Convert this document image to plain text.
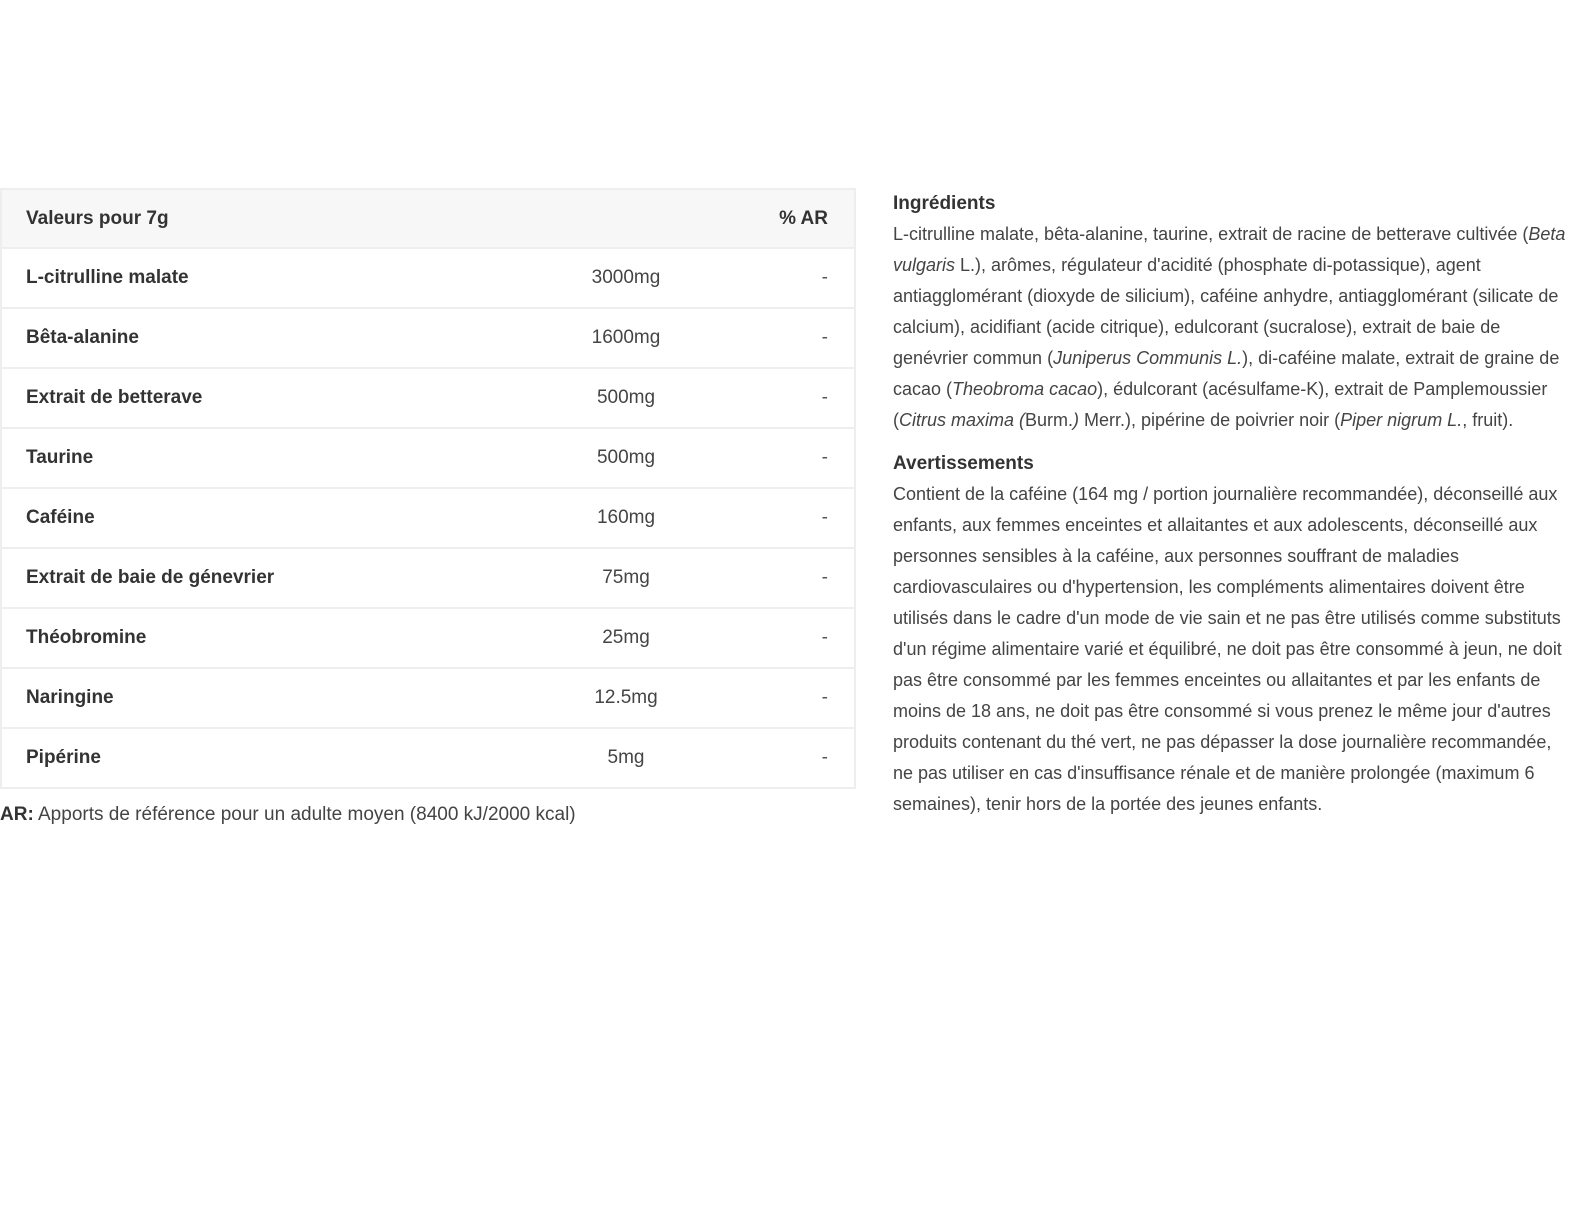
Valeurs pour 7g		% AR
L-citrulline malate	3000mg	-
Bêta-alanine	1600mg	-
Extrait de betterave	500mg	-
Taurine	500mg	-
Caféine	160mg	-
Extrait de baie de génevrier	75mg	-
Théobromine	25mg	-
Naringine	12.5mg	-
Pipérine	5mg	-
AR: Apports de référence pour un adulte moyen (8400 kJ/2000 kcal)
Ingrédients

L-citrulline malate, bêta-alanine, taurine, extrait de racine de betterave cultivée (Beta vulgaris L.), arômes, régulateur d'acidité (phosphate di-potassique), agent antiagglomérant (dioxyde de silicium), caféine anhydre, antiagglomérant (silicate de calcium), acidifiant (acide citrique), edulcorant (sucralose), extrait de baie de genévrier commun (Juniperus Communis L.), di-caféine malate, extrait de graine de cacao (Theobroma cacao), édulcorant (acésulfame-K), extrait de Pamplemoussier (Citrus maxima (Burm.) Merr.), pipérine de poivrier noir (Piper nigrum L., fruit).

Avertissements

Contient de la caféine (164 mg / portion journalière recommandée), déconseillé aux enfants, aux femmes enceintes et allaitantes et aux adolescents, déconseillé aux personnes sensibles à la caféine, aux personnes souffrant de maladies cardiovasculaires ou d'hypertension, les compléments alimentaires doivent être utilisés dans le cadre d'un mode de vie sain et ne pas être utilisés comme substituts d'un régime alimentaire varié et équilibré, ne doit pas être consommé à jeun, ne doit pas être consommé par les femmes enceintes ou allaitantes et par les enfants de moins de 18 ans, ne doit pas être consommé si vous prenez le même jour d'autres produits contenant du thé vert, ne pas dépasser la dose journalière recommandée, ne pas utiliser en cas d'insuffisance rénale et de manière prolongée (maximum 6 semaines), tenir hors de la portée des jeunes enfants.
